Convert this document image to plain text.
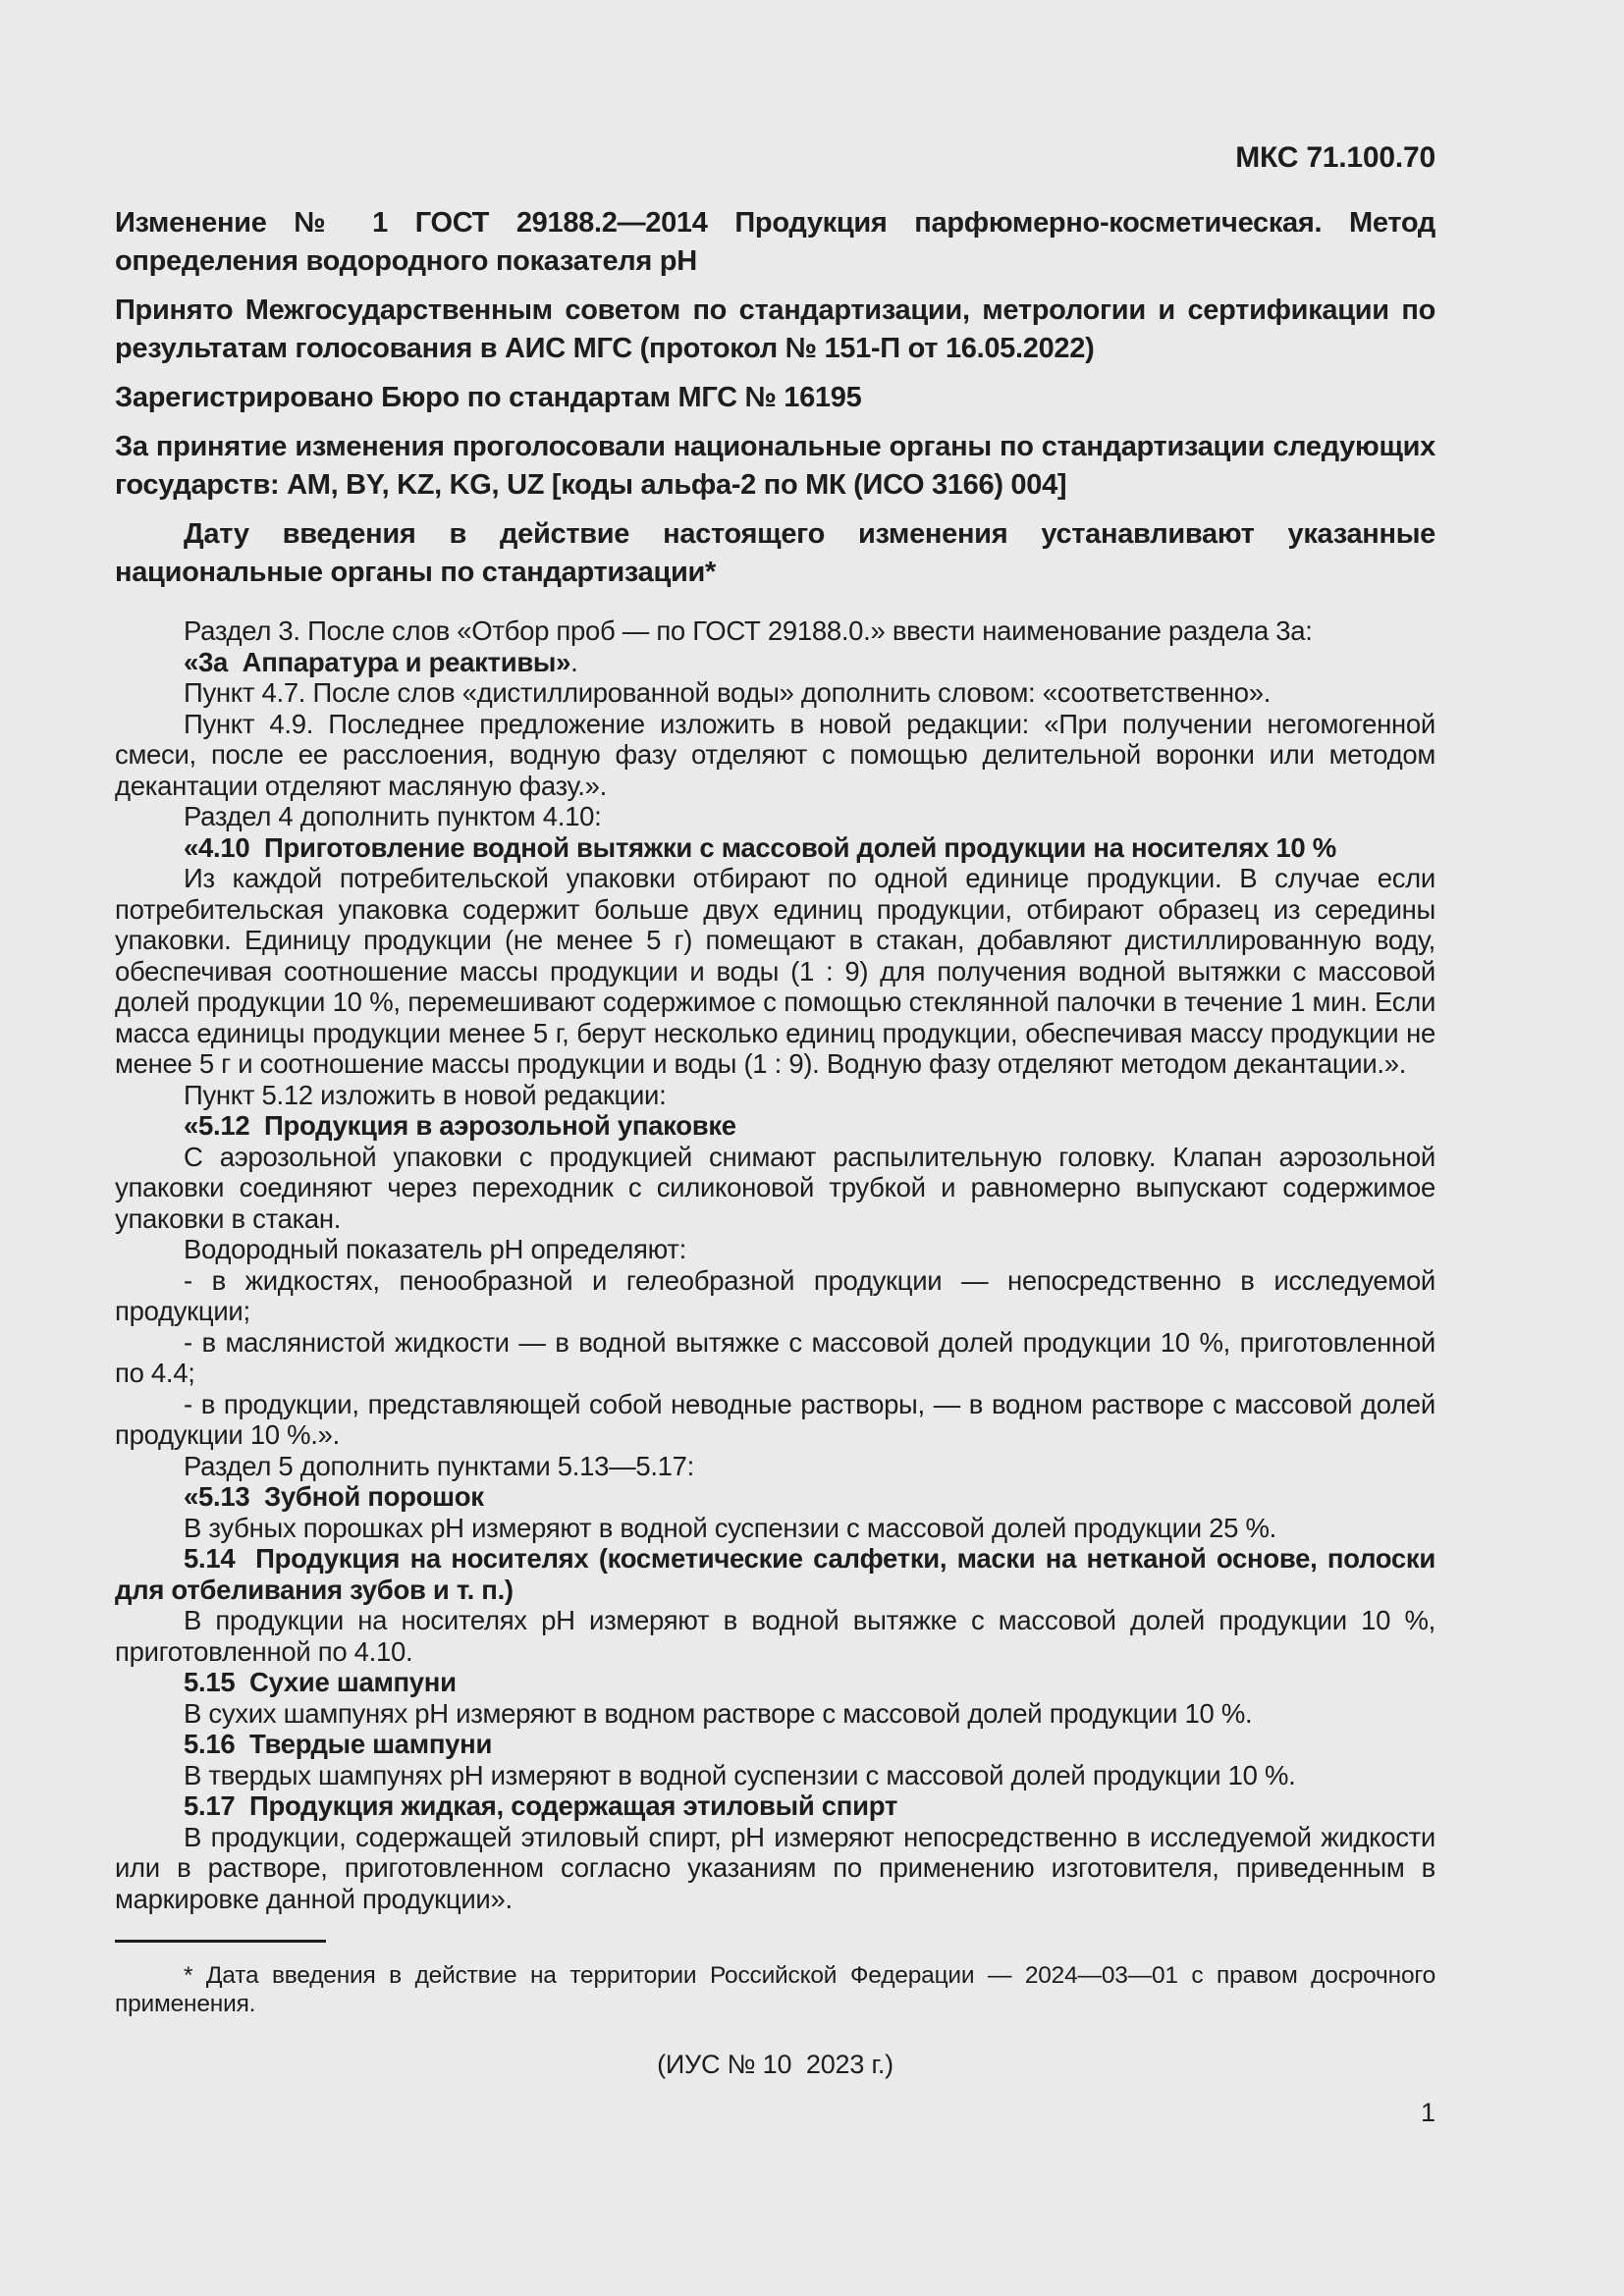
МКС 71.100.70

Изменение № 1 ГОСТ 29188.2—2014 Продукция парфюмерно-косметическая. Метод определения водородного показателя рН

Принято Межгосударственным советом по стандартизации, метрологии и сертификации по результатам голосования в АИС МГС (протокол № 151-П от 16.05.2022)

Зарегистрировано Бюро по стандартам МГС № 16195

За принятие изменения проголосовали национальные органы по стандартизации следующих государств: AM, BY, KZ, KG, UZ [коды альфа-2 по МК (ИСО 3166) 004]

Дату введения в действие настоящего изменения устанавливают указанные национальные органы по стандартизации*

Раздел 3. После слов «Отбор проб — по ГОСТ 29188.0.» ввести наименование раздела 3а:

«3а  Аппаратура и реактивы».

Пункт 4.7. После слов «дистиллированной воды» дополнить словом: «соответственно».

Пункт 4.9. Последнее предложение изложить в новой редакции: «При получении негомогенной смеси, после ее расслоения, водную фазу отделяют с помощью делительной воронки или методом декантации отделяют масляную фазу.».

Раздел 4 дополнить пунктом 4.10:

«4.10  Приготовление водной вытяжки с массовой долей продукции на носителях 10 %

Из каждой потребительской упаковки отбирают по одной единице продукции. В случае если потребительская упаковка содержит больше двух единиц продукции, отбирают образец из середины упаковки. Единицу продукции (не менее 5 г) помещают в стакан, добавляют дистиллированную воду, обеспечивая соотношение массы продукции и воды (1 : 9) для получения водной вытяжки с массовой долей продукции 10 %, перемешивают содержимое с помощью стеклянной палочки в течение 1 мин. Если масса единицы продукции менее 5 г, берут несколько единиц продукции, обеспечивая массу продукции не менее 5 г и соотношение массы продукции и воды (1 : 9). Водную фазу отделяют методом декантации.».

Пункт 5.12 изложить в новой редакции:

«5.12  Продукция в аэрозольной упаковке

С аэрозольной упаковки с продукцией снимают распылительную головку. Клапан аэрозольной упаковки соединяют через переходник с силиконовой трубкой и равномерно выпускают содержимое упаковки в стакан.

Водородный показатель рН определяют:

- в жидкостях, пенообразной и гелеобразной продукции — непосредственно в исследуемой продукции;

- в маслянистой жидкости — в водной вытяжке с массовой долей продукции 10 %, приготовленной по 4.4;

- в продукции, представляющей собой неводные растворы, — в водном растворе с массовой долей продукции 10 %.».

Раздел 5 дополнить пунктами 5.13—5.17:

«5.13  Зубной порошок

В зубных порошках рН измеряют в водной суспензии с массовой долей продукции 25 %.

5.14  Продукция на носителях (косметические салфетки, маски на нетканой основе, полоски для отбеливания зубов и т. п.)

В продукции на носителях рН измеряют в водной вытяжке с массовой долей продукции 10 %, приготовленной по 4.10.

5.15  Сухие шампуни

В сухих шампунях рН измеряют в водном растворе с массовой долей продукции 10 %.

5.16  Твердые шампуни

В твердых шампунях рН измеряют в водной суспензии с массовой долей продукции 10 %.

5.17  Продукция жидкая, содержащая этиловый спирт

В продукции, содержащей этиловый спирт, рН измеряют непосредственно в исследуемой жидкости или в растворе, приготовленном согласно указаниям по применению изготовителя, приведенным в маркировке данной продукции».

* Дата введения в действие на территории Российской Федерации — 2024—03—01 с правом досрочного применения.

(ИУС № 10  2023 г.)

1
